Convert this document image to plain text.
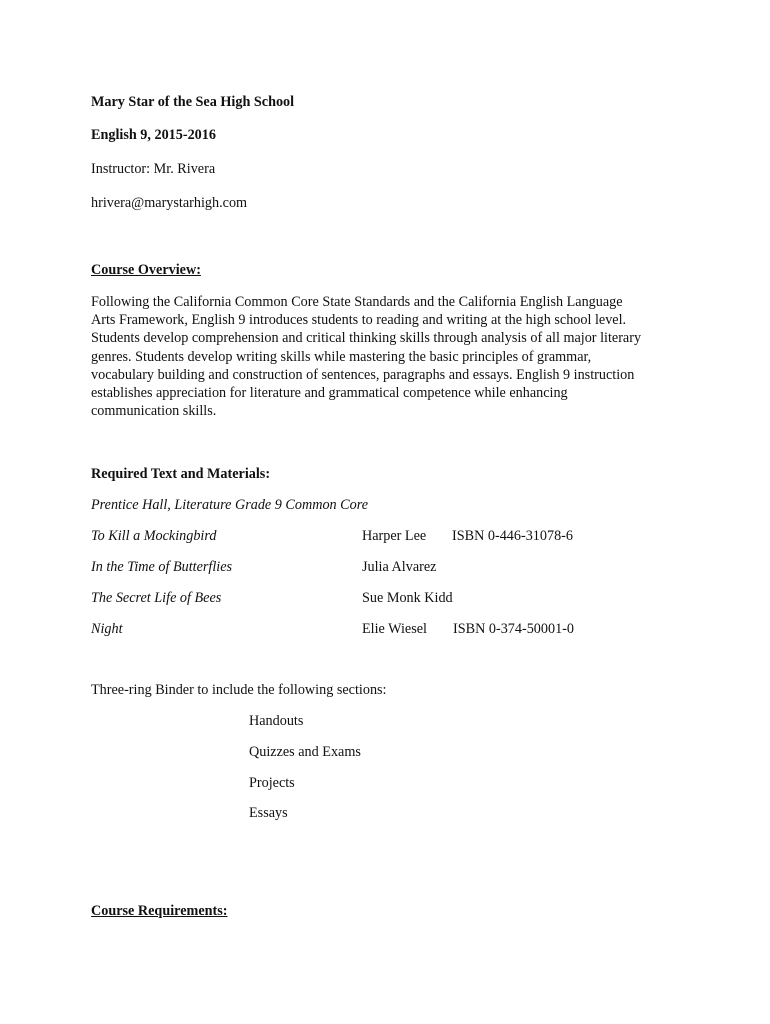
Mary Star of the Sea High School
English 9, 2015-2016
Instructor: Mr. Rivera
hrivera@marystarhigh.com
Course Overview:
Following the California Common Core State Standards and the California English Language
Arts Framework, English 9 introduces students to reading and writing at the high school level.
Students develop comprehension and critical thinking skills through analysis of all major literary
genres. Students develop writing skills while mastering the basic principles of grammar,
vocabulary building and construction of sentences, paragraphs and essays. English 9 instruction
establishes appreciation for literature and grammatical competence while enhancing
communication skills.
Required Text and Materials:
Prentice Hall, Literature Grade 9 Common Core
To Kill a Mockingbird	Harper Lee ISBN 0-446-31078-6
In the Time of Butterflies	Julia Alvarez
The Secret Life of Bees	Sue Monk Kidd
Night	Elie Wiesel ISBN 0-374-50001-0
Three-ring Binder to include the following sections:
Handouts
Quizzes and Exams
Projects
Essays
Course Requirements:
